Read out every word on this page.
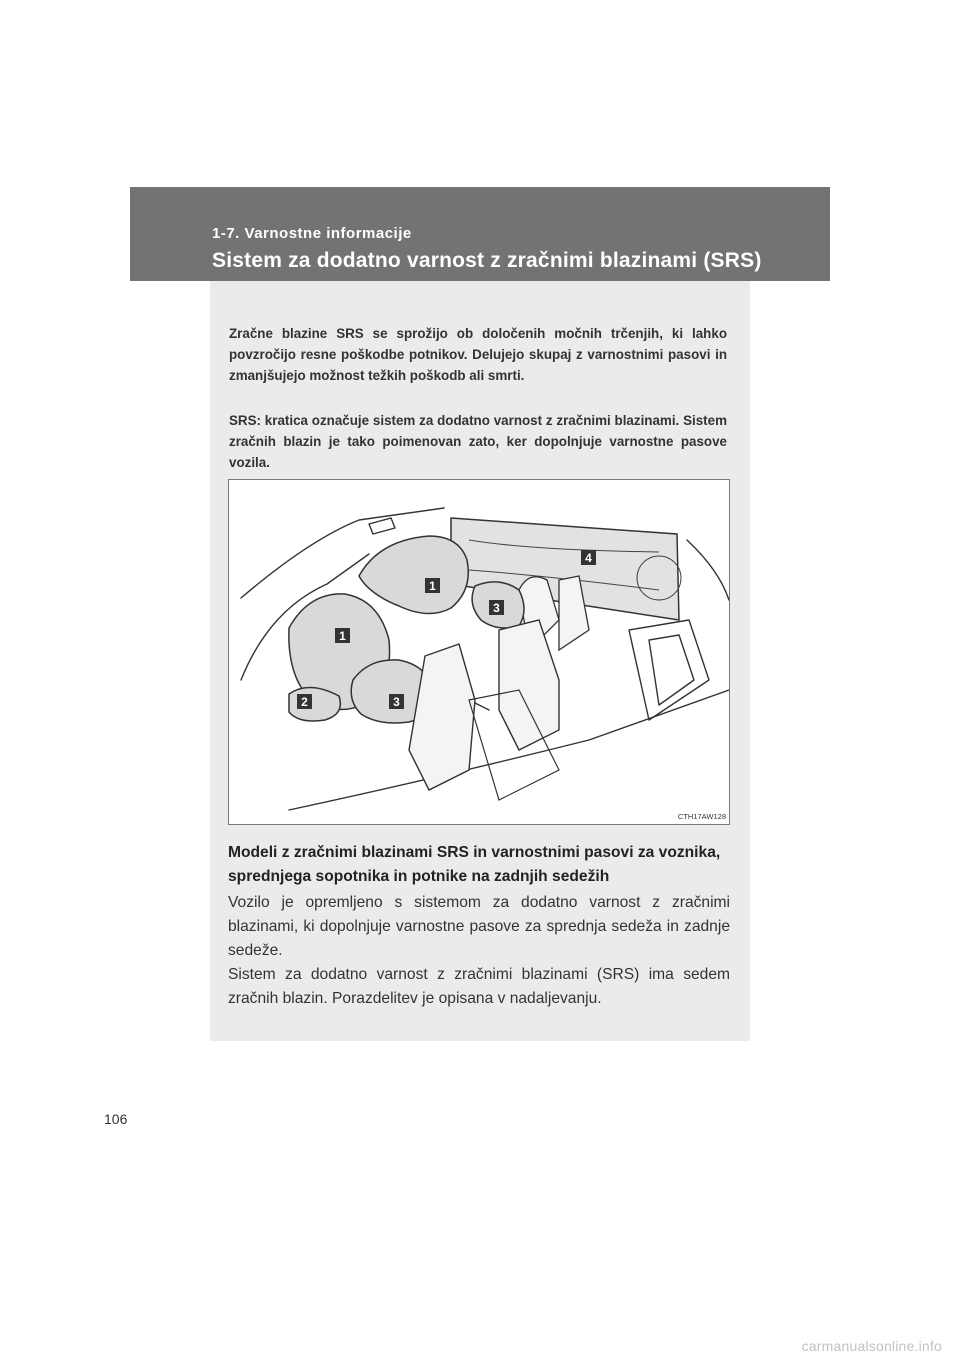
1-7. Varnostne informacije
Sistem za dodatno varnost z zračnimi blazinami (SRS)

Zračne blazine SRS se sprožijo ob določenih močnih trčenjih, ki lahko povzročijo resne poškodbe potnikov. Delujejo skupaj z varnostnimi pasovi in zmanjšujejo možnost težkih poškodb ali smrti.

SRS: kratica označuje sistem za dodatno varnost z zračnimi blazinami. Sistem zračnih blazin je tako poimenovan zato, ker dopolnjuje varnostne pasove vozila.

1
1
2	3
3
4
CTH17AW128
Modeli z zračnimi blazinami SRS in varnostnimi pasovi za voznika, sprednjega sopotnika in potnike na zadnjih sedežih

Vozilo je opremljeno s sistemom za dodatno varnost z zračnimi blazinami, ki dopolnjuje varnostne pasove za sprednja sedeža in zadnje sedeže.
Sistem za dodatno varnost z zračnimi blazinami (SRS) ima sedem zračnih blazin. Porazdelitev je opisana v nadaljevanju.

106
carmanualsonline.info
